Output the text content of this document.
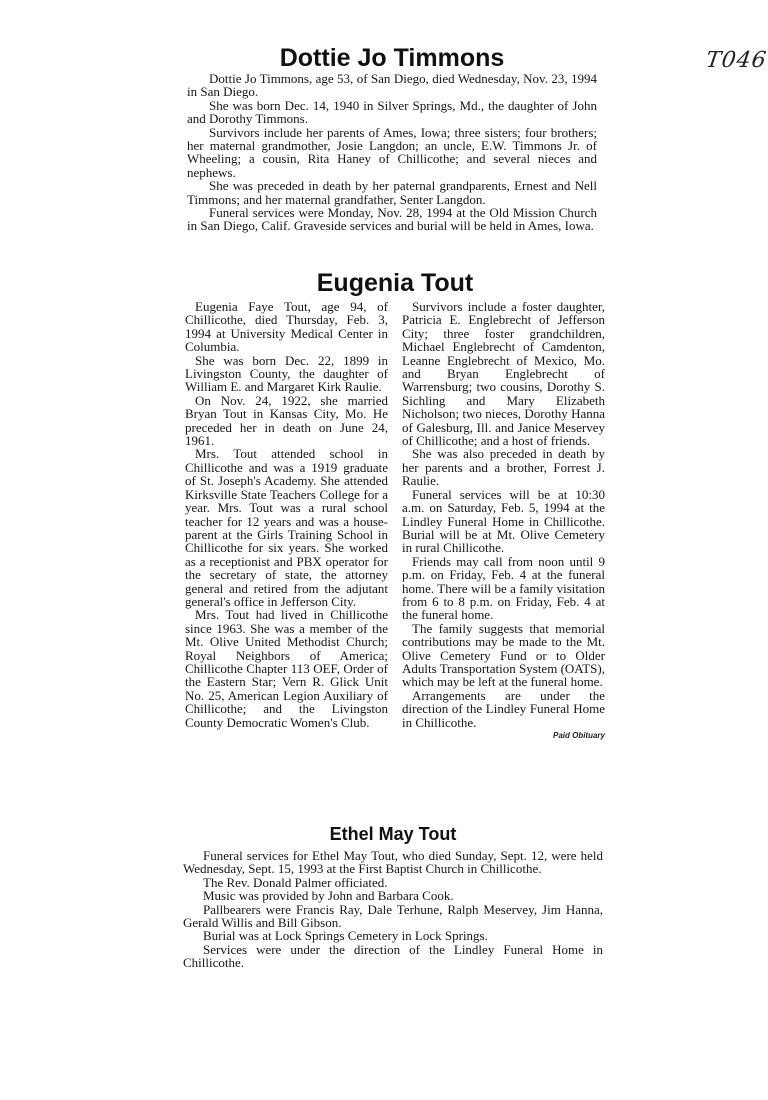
T046
Dottie Jo Timmons

Dottie Jo Timmons, age 53, of San Diego, died Wednesday, Nov. 23, 1994 in San Diego.

She was born Dec. 14, 1940 in Silver Springs, Md., the daughter of John and Dorothy Timmons.

Survivors include her parents of Ames, Iowa; three sisters; four brothers; her maternal grandmother, Josie Langdon; an uncle, E.W. Timmons Jr. of Wheeling; a cousin, Rita Haney of Chillicothe; and several nieces and nephews.

She was preceded in death by her paternal grandparents, Ernest and Nell Timmons; and her maternal grandfather, Senter Langdon.

Funeral services were Monday, Nov. 28, 1994 at the Old Mission Church in San Diego, Calif. Graveside services and burial will be held in Ames, Iowa.

Eugenia Tout

Eugenia Faye Tout, age 94, of Chillicothe, died Thursday, Feb. 3, 1994 at University Medical Center in Columbia.

She was born Dec. 22, 1899 in Livingston County, the daughter of William E. and Margaret Kirk Raulie.

On Nov. 24, 1922, she married Bryan Tout in Kansas City, Mo. He preceded her in death on June 24, 1961.

Mrs. Tout attended school in Chillicothe and was a 1919 graduate of St. Joseph's Academy. She attended Kirksville State Teachers College for a year. Mrs. Tout was a rural school teacher for 12 years and was a house-parent at the Girls Training School in Chillicothe for six years. She worked as a receptionist and PBX operator for the secretary of state, the attorney general and retired from the adjutant general's office in Jefferson City.

Mrs. Tout had lived in Chillicothe since 1963. She was a member of the Mt. Olive United Methodist Church; Royal Neighbors of America; Chillicothe Chapter 113 OEF, Order of the Eastern Star; Vern R. Glick Unit No. 25, American Legion Auxiliary of Chillicothe; and the Livingston County Democratic Women's Club.

Survivors include a foster daughter, Patricia E. Englebrecht of Jefferson City; three foster grandchildren, Michael Englebrecht of Camdenton, Leanne Englebrecht of Mexico, Mo. and Bryan Englebrecht of Warrensburg; two cousins, Dorothy S. Sichling and Mary Elizabeth Nicholson; two nieces, Dorothy Hanna of Galesburg, Ill. and Janice Meservey of Chillicothe; and a host of friends.

She was also preceded in death by her parents and a brother, Forrest J. Raulie.

Funeral services will be at 10:30 a.m. on Saturday, Feb. 5, 1994 at the Lindley Funeral Home in Chillicothe. Burial will be at Mt. Olive Cemetery in rural Chillicothe.

Friends may call from noon until 9 p.m. on Friday, Feb. 4 at the funeral home. There will be a family visitation from 6 to 8 p.m. on Friday, Feb. 4 at the funeral home.

The family suggests that memorial contributions may be made to the Mt. Olive Cemetery Fund or to Older Adults Transportation System (OATS), which may be left at the funeral home.

Arrangements are under the direction of the Lindley Funeral Home in Chillicothe.

Paid Obituary
Ethel May Tout

Funeral services for Ethel May Tout, who died Sunday, Sept. 12, were held Wednesday, Sept. 15, 1993 at the First Baptist Church in Chillicothe.

The Rev. Donald Palmer officiated.

Music was provided by John and Barbara Cook.

Pallbearers were Francis Ray, Dale Terhune, Ralph Meservey, Jim Hanna, Gerald Willis and Bill Gibson.

Burial was at Lock Springs Cemetery in Lock Springs.

Services were under the direction of the Lindley Funeral Home in Chillicothe.
